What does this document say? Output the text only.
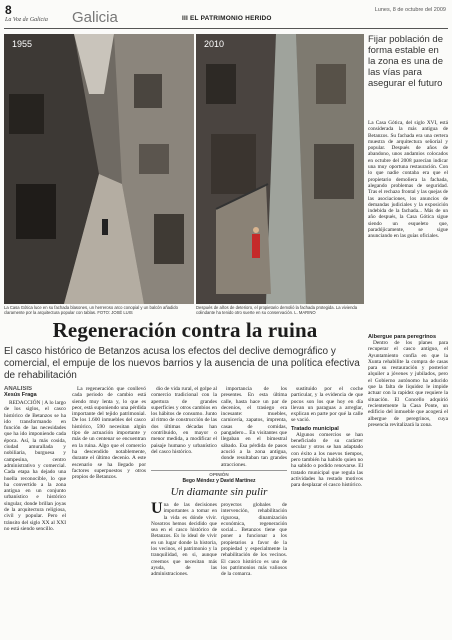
8
La Voz de Galicia Galicia	III EL PATRIMONIO HERIDO
Lunes, 8 de octubre del 2009
1955	2010	Fijar población de forma estable en la zona es una de las vías para asegurar el futuro
La Casa Gótica, del siglo XVI, está considerada la más antigua de Betanzos. Su fachada era una certera muestra de arquitectura señorial y popular. Después de años de abandono, unos andamios colocados en octubre del 2008 parecían indicar una muy oportuna restauración. Con lo que nadie contaba era que el propietario demoliera la fachada, alegando problemas de seguridad. Tras el rechazo frontal y las quejas de las asociaciones, los anuncios de demandas judiciales y la exposición indebida de la fachada... Más de un año después, la Casa Gótica sigue siendo un esqueleto que, paradójicamente, se sigue anunciando en las guías oficiales.
La Casa Gótica luce en su fachada blasones, un herreroso arco conopial y un balcón añadido claramente por la arquitectura popular con tablas. FOTO: JOSÉ LUIS
Después de años de deterioro, el propietario demolió la fachada protegida. La vivienda colindante ha tenido otro suerte en su conservación. L. MARINO
Regeneración contra la ruina
El casco histórico de Betanzos acusa los efectos del declive demográfico y comercial, el empuje de los nuevos barrios y la ausencia de una política efectiva de rehabilitación
ANÁLISIS
Xesús Fraga

REDACCIÓN | A lo largo de los siglos, el casco histórico de Betanzos se ha ido transformando en función de las necesidades que ha ido imponiendo cada época. Así, la más cosida, ciudad amurallada y nobiliaria, burguesa y campesina, centro administrativo y comercial. Cada etapa ha dejado una huella reconocible, lo que ha convertido a la zona antigua en un conjunto urbanístico e histórico singular, donde brillan joyas de la arquitectura religiosa, civil y popular. Pero el tránsito del siglo XX al XXI no está siendo sencillo.

La regeneración que conllevó cada periodo de cambio está siendo muy lenta y, lo que es peor, está suponiendo una pérdida importante del tejido patrimonial. De los 1.600 inmuebles del casco histórico, 590 necesitan algún tipo de actuación importante y más de un centenar se encuentran en la ruina. Algo que el comercio ha descendido notablemente, durante el último decenio. A este escenario se ha llegado por factores superpuestos y otros propios de Betanzos.

dio de vida rural, el golpe al comercio tradicional con la apertura de grandes superficies y otros cambios en los hábitos de consumo. Junto al ritmo de construcción de las dos últimas décadas han contribuido, en mayor o menor medida, a modificar el paisaje humano y urbanístico del casco histórico.

importancia de los presentes. En esta última calle, hasta hace un par de decenios, el trasiego era incesante: muebles, carnicería, zapatos, imprenta, casas de comidas, pangadero... En visitantes que llegaban en el bimestral sábado. Esa pérdida de pasos acució a la zona antigua, donde resultaban tan grandes atracciones.

sustituido por el coche particular, y la evidencia de que pocos son los que hoy en día llevan un paraguas a arreglar, explican en parte por qué la calle se vació.

Tratado municipal

Algunos comercios se han beneficiado de su carácter secular y otros se han adaptado con éxito a los nuevos tiempos, pero también ha habido quien no ha sabido o podido renovarse. El tratado municipal que regula las actividades ha restado motivos para desplazar el casco histórico.

OPINIÓN
Bego Méndez y David Martínez
Un diamante sin pulir
Una de las decisiones importantes a tomar en la vida es dónde vivir. Nosotros hemos decidido que sea en el casco histórico de Betanzos. Es lo ideal de vivir en un lugar donde la historia, los vecinos, el patrimonio y la tranquilidad, en si, aunque creemos que necesitan más ayuda, de las administraciones.
proyectos globales de intervención, rehabilitación rigurosa, dinamización económica, regeneración social... Betanzos tiene que poner a funcionar a los propietarios a favor de la propiedad y especialmente la rehabilitación de los vecinos. El casco histórico es uno de los patrimonios más valiosos de la comarca.
Albergue para peregrinos

Dentro de los planes para recuperar el casco antiguo, el Ayuntamiento confía en que la Xunta rehabilite la compra de casas para su restauración y posterior alquiler a jóvenes y jubilados, pero el Gobierno autónomo ha aducido que la falta de liquidez le impide actuar con la rapidez que requiere la situación. El Concello adquirió recientemente la Casa Ponte, un edificio del inmueble que acogerá el albergue de peregrinos, cuya presencia revitalizará la zona.
